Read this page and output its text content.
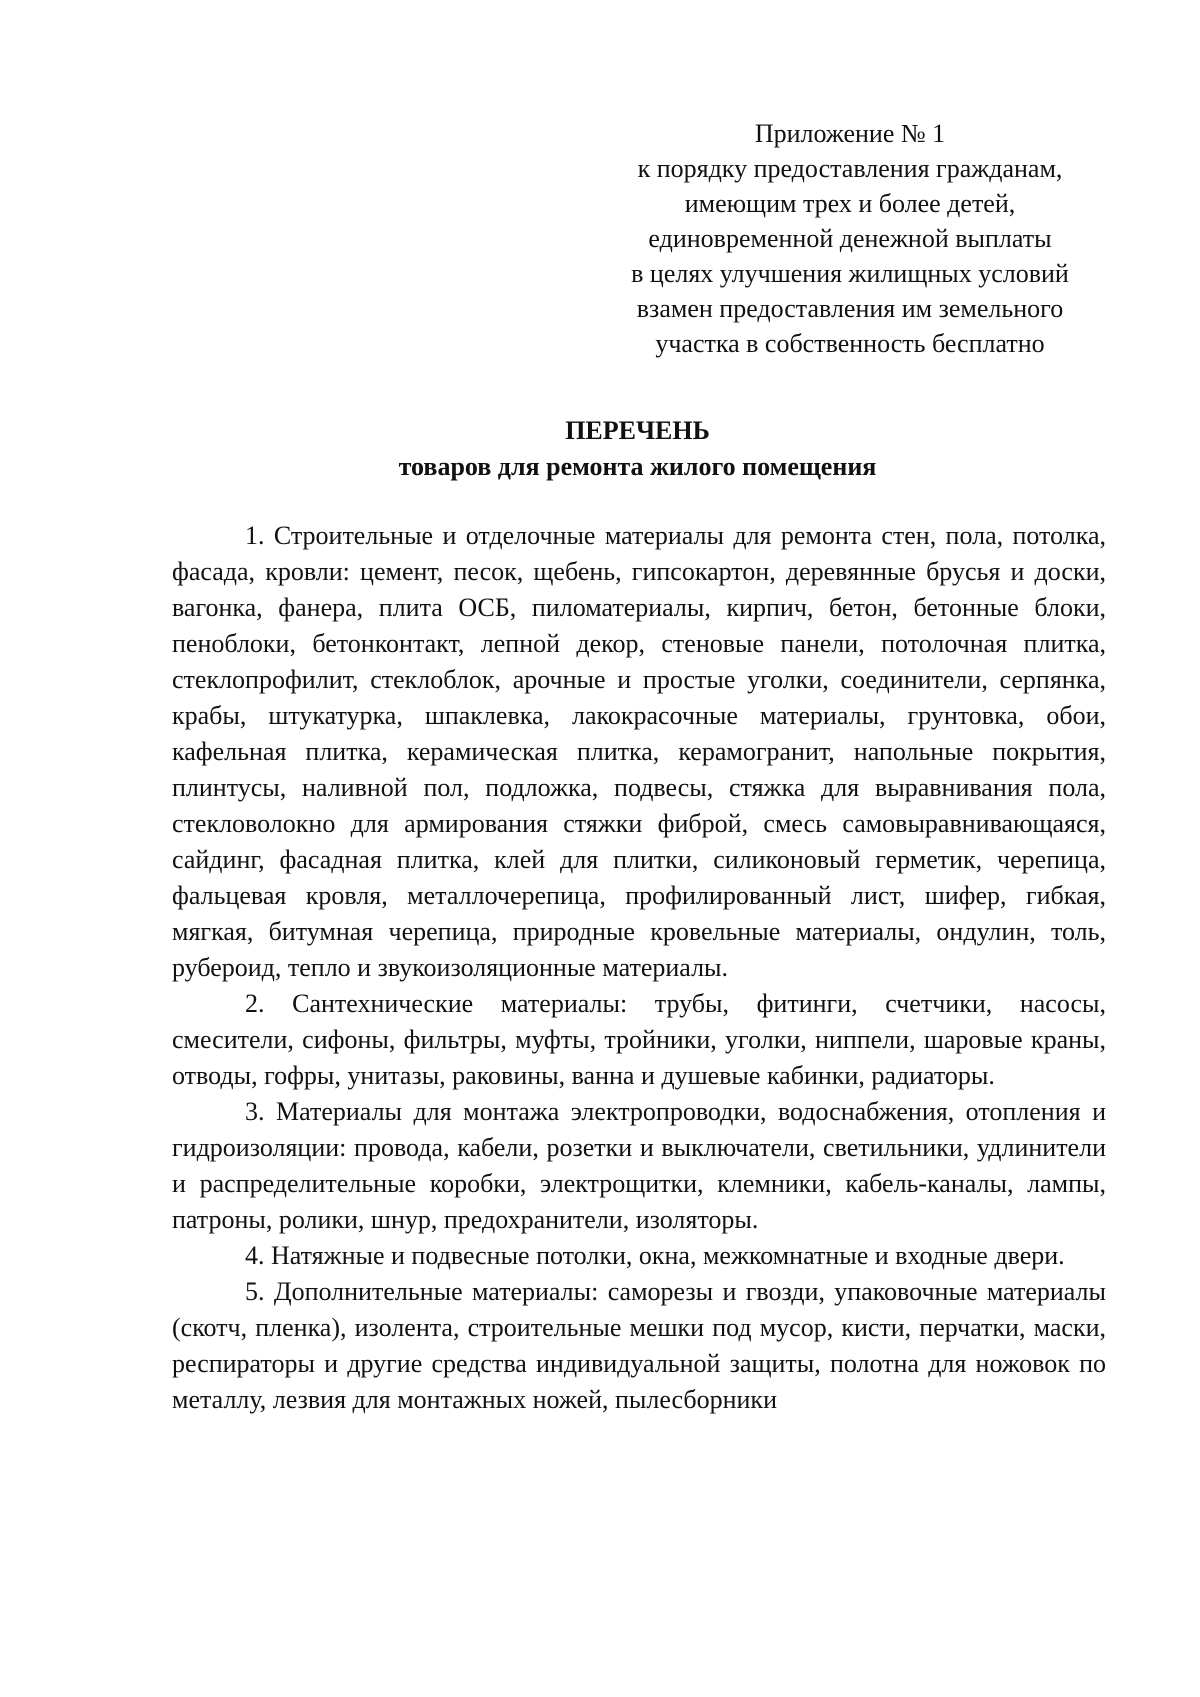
Приложение № 1
к порядку предоставления гражданам,
имеющим трех и более детей,
единовременной денежной выплаты
в целях улучшения жилищных условий
взамен предоставления им земельного
участка в собственность бесплатно
ПЕРЕЧЕНЬ
товаров для ремонта жилого помещения

1. Строительные и отделочные материалы для ремонта стен, пола, потолка, фасада, кровли: цемент, песок, щебень, гипсокартон, деревянные брусья и доски, вагонка, фанера, плита ОСБ, пиломатериалы, кирпич, бетон, бетонные блоки, пеноблоки, бетонконтакт, лепной декор, стеновые панели, потолочная плитка, стеклопрофилит, стеклоблок, арочные и простые уголки, соединители, серпянка, крабы, штукатурка, шпаклевка, лакокрасочные материалы, грунтовка, обои, кафельная плитка, керамическая плитка, керамогранит, напольные покрытия, плинтусы, наливной пол, подложка, подвесы, стяжка для выравнивания пола, стекловолокно для армирования стяжки фиброй, смесь самовыравнивающаяся, сайдинг, фасадная плитка, клей для плитки, силиконовый герметик, черепица, фальцевая кровля, металлочерепица, профилированный лист, шифер, гибкая, мягкая, битумная черепица, природные кровельные материалы, ондулин, толь, рубероид, тепло и звукоизоляционные материалы.

2. Сантехнические материалы: трубы, фитинги, счетчики, насосы, смесители, сифоны, фильтры, муфты, тройники, уголки, ниппели, шаровые краны, отводы, гофры, унитазы, раковины, ванна и душевые кабинки, радиаторы.

3. Материалы для монтажа электропроводки, водоснабжения, отопления и гидроизоляции: провода, кабели, розетки и выключатели, светильники, удлинители и распределительные коробки, электрощитки, клемники, кабель-каналы, лампы, патроны, ролики, шнур, предохранители, изоляторы.

4. Натяжные и подвесные потолки, окна, межкомнатные и входные двери.

5. Дополнительные материалы: саморезы и гвозди, упаковочные материалы (скотч, пленка), изолента, строительные мешки под мусор, кисти, перчатки, маски, респираторы и другие средства индивидуальной защиты, полотна для ножовок по металлу, лезвия для монтажных ножей, пылесборники
